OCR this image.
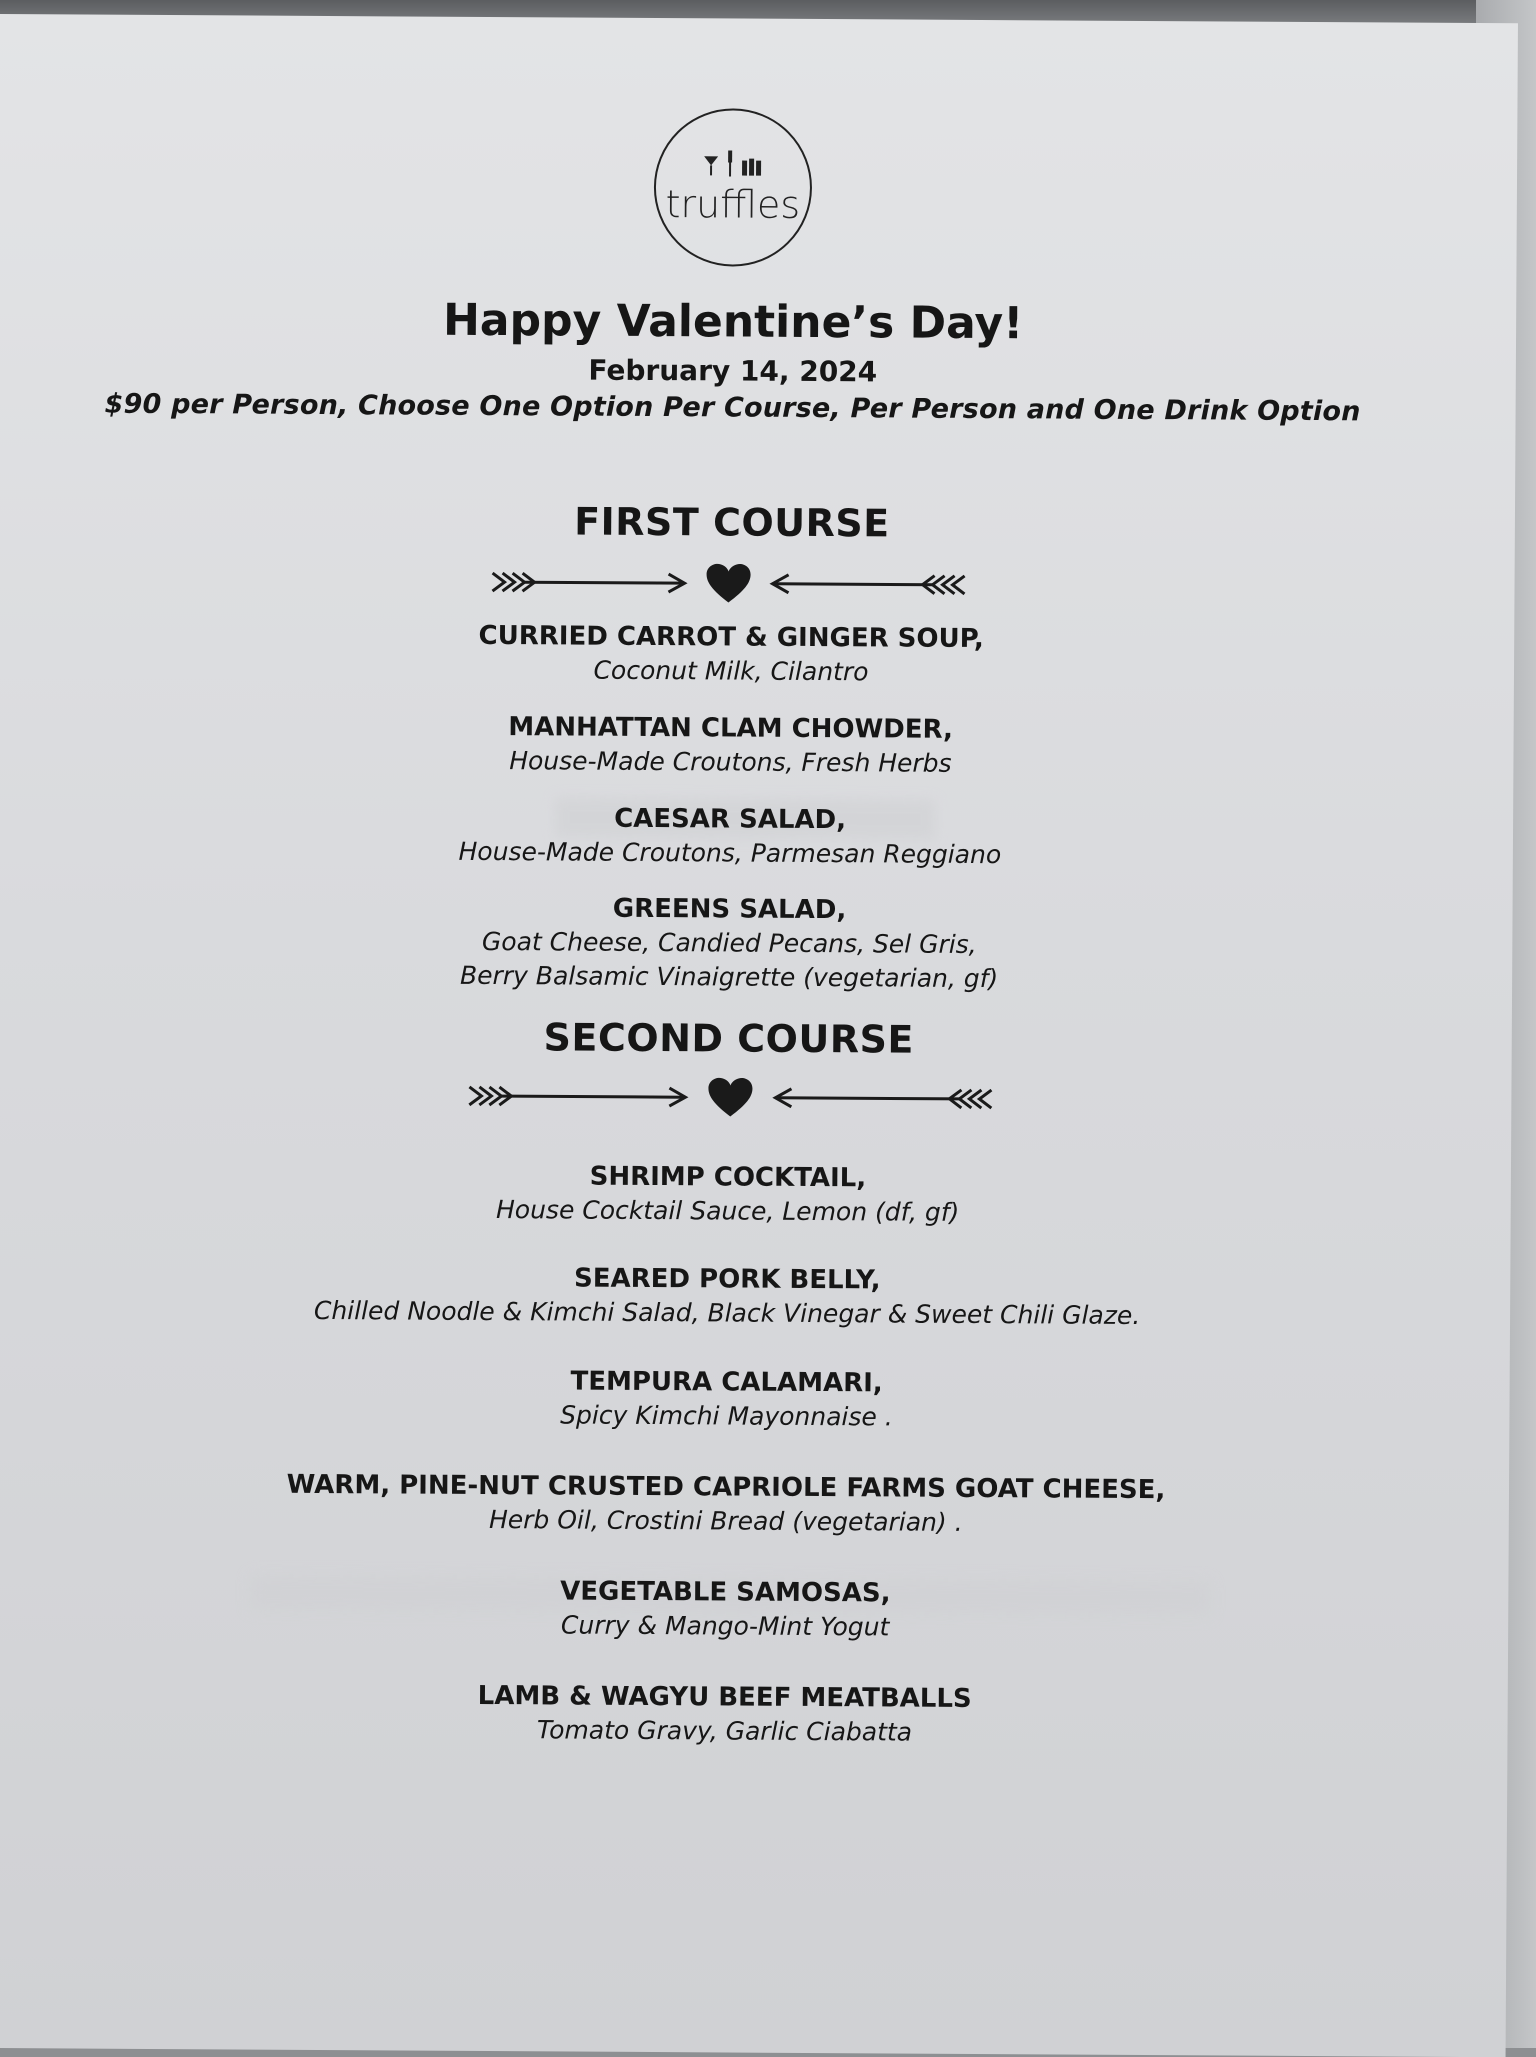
truffles
Happy Valentine’s Day!
February 14, 2024
$90 per Person, Choose One Option Per Course, Per Person and One Drink Option
FIRST COURSE
CURRIED CARROT & GINGER SOUP,
Coconut Milk, Cilantro
MANHATTAN CLAM CHOWDER,
House-Made Croutons, Fresh Herbs
CAESAR SALAD,
House-Made Croutons, Parmesan Reggiano
GREENS SALAD,
Goat Cheese, Candied Pecans, Sel Gris,
Berry Balsamic Vinaigrette (vegetarian, gf)
SECOND COURSE
SHRIMP COCKTAIL,
House Cocktail Sauce, Lemon (df, gf)
SEARED PORK BELLY,
Chilled Noodle & Kimchi Salad, Black Vinegar & Sweet Chili Glaze.
TEMPURA CALAMARI,
Spicy Kimchi Mayonnaise .
WARM, PINE-NUT CRUSTED CAPRIOLE FARMS GOAT CHEESE,
Herb Oil, Crostini Bread (vegetarian) .
VEGETABLE SAMOSAS,
Curry & Mango-Mint Yogut
LAMB & WAGYU BEEF MEATBALLS
Tomato Gravy, Garlic Ciabatta
